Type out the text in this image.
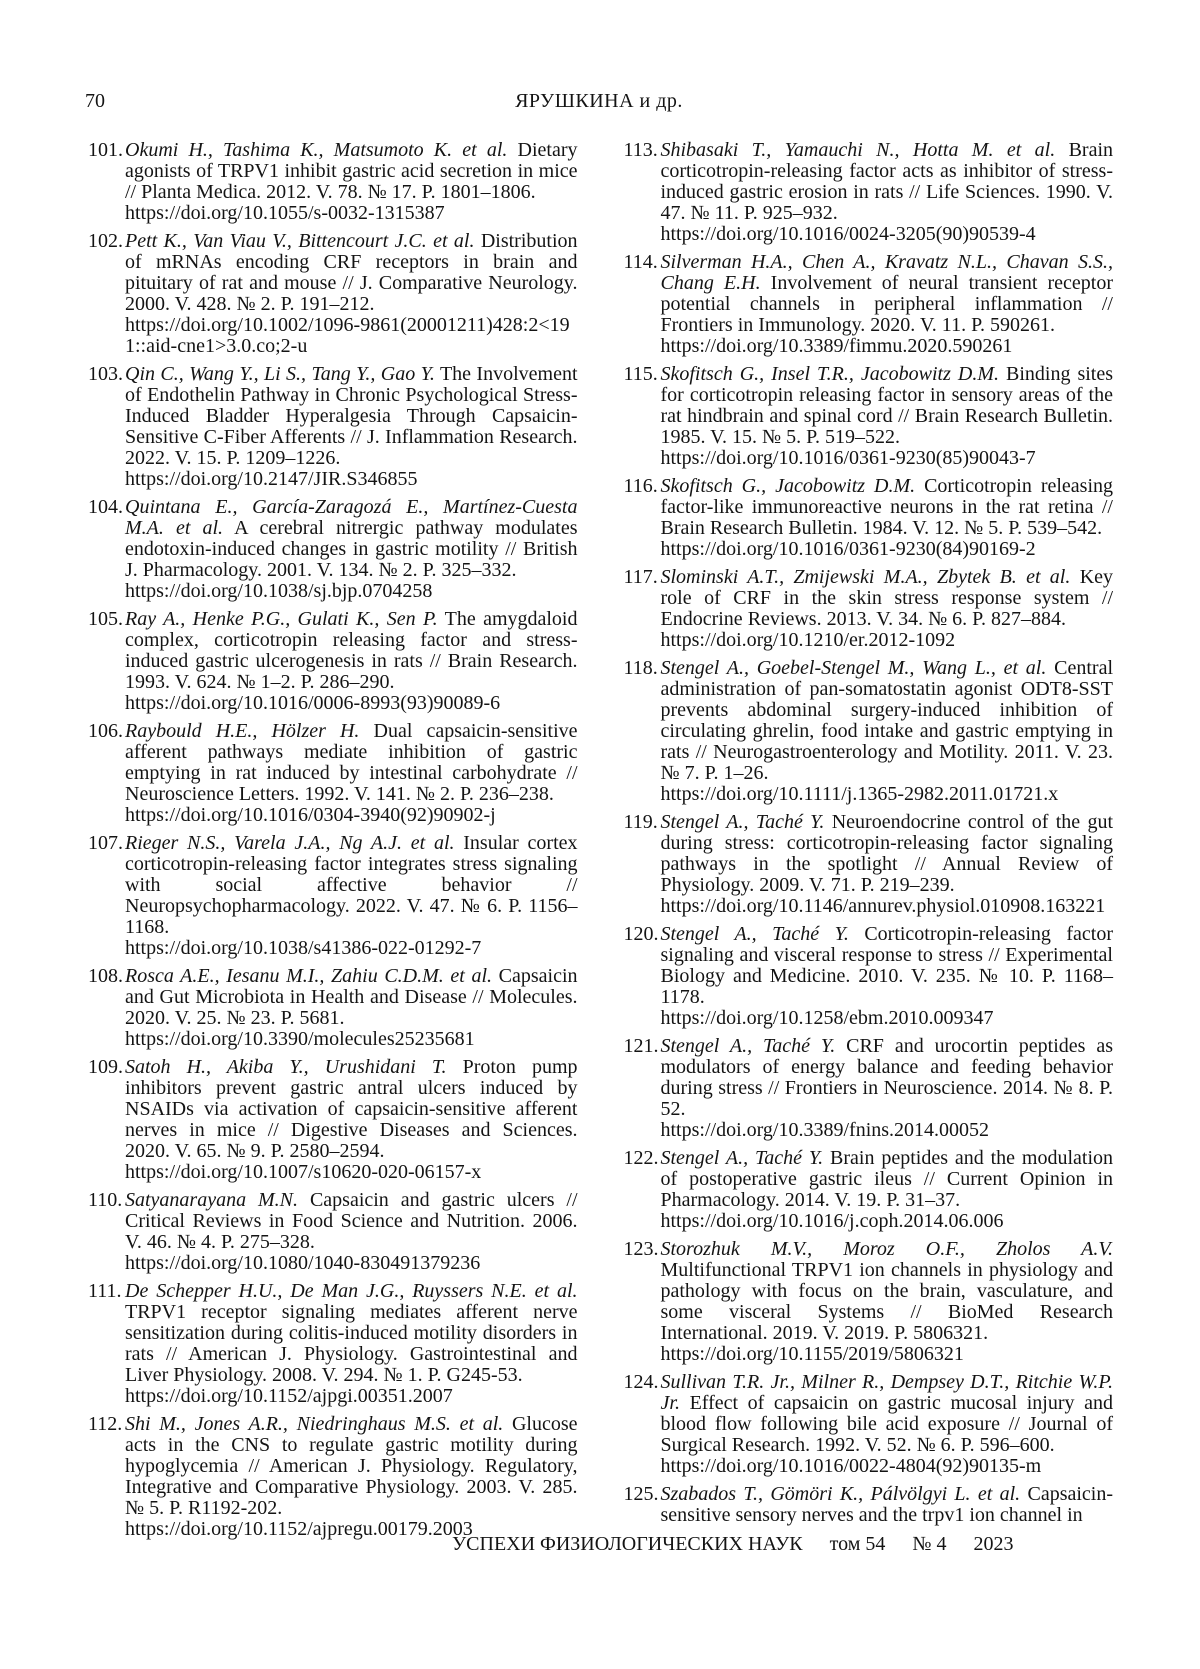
70	ЯРУШКИНА и др.
101. Okumi H., Tashima K., Matsumoto K. et al. Dietary agonists of TRPV1 inhibit gastric acid secretion in mice // Planta Medica. 2012. V. 78. № 17. P. 1801–1806.
https://doi.org/10.1055/s-0032-1315387
102. Pett K., Van Viau V., Bittencourt J.C. et al. Distribution of mRNAs encoding CRF receptors in brain and pituitary of rat and mouse // J. Comparative Neurology. 2000. V. 428. № 2. P. 191–212.
https://doi.org/10.1002/1096-9861(20001211)428:2<191::aid-cne1>3.0.co;2-u
103. Qin C., Wang Y., Li S., Tang Y., Gao Y. The Involvement of Endothelin Pathway in Chronic Psychological Stress-Induced Bladder Hyperalgesia Through Capsaicin-Sensitive C-Fiber Afferents // J. Inflammation Research. 2022. V. 15. P. 1209–1226.
https://doi.org/10.2147/JIR.S346855
104. Quintana E., García-Zaragozá E., Martínez-Cuesta M.A. et al. A cerebral nitrergic pathway modulates endotoxin-induced changes in gastric motility // British J. Pharmacology. 2001. V. 134. № 2. P. 325–332.
https://doi.org/10.1038/sj.bjp.0704258
105. Ray A., Henke P.G., Gulati K., Sen P. The amygdaloid complex, corticotropin releasing factor and stress-induced gastric ulcerogenesis in rats // Brain Research. 1993. V. 624. № 1–2. P. 286–290.
https://doi.org/10.1016/0006-8993(93)90089-6
106. Raybould H.E., Hölzer H. Dual capsaicin-sensitive afferent pathways mediate inhibition of gastric emptying in rat induced by intestinal carbohydrate // Neuroscience Letters. 1992. V. 141. № 2. P. 236–238.
https://doi.org/10.1016/0304-3940(92)90902-j
107. Rieger N.S., Varela J.A., Ng A.J. et al. Insular cortex corticotropin-releasing factor integrates stress signaling with social affective behavior // Neuropsychopharmacology. 2022. V. 47. № 6. P. 1156–1168.
https://doi.org/10.1038/s41386-022-01292-7
108. Rosca A.E., Iesanu M.I., Zahiu C.D.M. et al. Capsaicin and Gut Microbiota in Health and Disease // Molecules. 2020. V. 25. № 23. P. 5681.
https://doi.org/10.3390/molecules25235681
109. Satoh H., Akiba Y., Urushidani T. Proton pump inhibitors prevent gastric antral ulcers induced by NSAIDs via activation of capsaicin-sensitive afferent nerves in mice // Digestive Diseases and Sciences. 2020. V. 65. № 9. P. 2580–2594.
https://doi.org/10.1007/s10620-020-06157-x
110. Satyanarayana M.N. Capsaicin and gastric ulcers // Critical Reviews in Food Science and Nutrition. 2006. V. 46. № 4. P. 275–328.
https://doi.org/10.1080/1040-830491379236
111. De Schepper H.U., De Man J.G., Ruyssers N.E. et al. TRPV1 receptor signaling mediates afferent nerve sensitization during colitis-induced motility disorders in rats // American J. Physiology. Gastrointestinal and Liver Physiology. 2008. V. 294. № 1. P. G245-53.
https://doi.org/10.1152/ajpgi.00351.2007
112. Shi M., Jones A.R., Niedringhaus M.S. et al. Glucose acts in the CNS to regulate gastric motility during hypoglycemia // American J. Physiology. Regulatory, Integrative and Comparative Physiology. 2003. V. 285. № 5. P. R1192-202.
https://doi.org/10.1152/ajpregu.00179.2003
113. Shibasaki T., Yamauchi N., Hotta M. et al. Brain corticotropin-releasing factor acts as inhibitor of stress-induced gastric erosion in rats // Life Sciences. 1990. V. 47. № 11. P. 925–932.
https://doi.org/10.1016/0024-3205(90)90539-4
114. Silverman H.A., Chen A., Kravatz N.L., Chavan S.S., Chang E.H. Involvement of neural transient receptor potential channels in peripheral inflammation // Frontiers in Immunology. 2020. V. 11. P. 590261.
https://doi.org/10.3389/fimmu.2020.590261
115. Skofitsch G., Insel T.R., Jacobowitz D.M. Binding sites for corticotropin releasing factor in sensory areas of the rat hindbrain and spinal cord // Brain Research Bulletin. 1985. V. 15. № 5. P. 519–522.
https://doi.org/10.1016/0361-9230(85)90043-7
116. Skofitsch G., Jacobowitz D.M. Corticotropin releasing factor-like immunoreactive neurons in the rat retina // Brain Research Bulletin. 1984. V. 12. № 5. P. 539–542.
https://doi.org/10.1016/0361-9230(84)90169-2
117. Slominski A.T., Zmijewski M.A., Zbytek B. et al. Key role of CRF in the skin stress response system // Endocrine Reviews. 2013. V. 34. № 6. P. 827–884.
https://doi.org/10.1210/er.2012-1092
118. Stengel A., Goebel-Stengel M., Wang L., et al. Central administration of pan-somatostatin agonist ODT8-SST prevents abdominal surgery-induced inhibition of circulating ghrelin, food intake and gastric emptying in rats // Neurogastroenterology and Motility. 2011. V. 23. № 7. P. 1–26.
https://doi.org/10.1111/j.1365-2982.2011.01721.x
119. Stengel A., Taché Y. Neuroendocrine control of the gut during stress: corticotropin-releasing factor signaling pathways in the spotlight // Annual Review of Physiology. 2009. V. 71. P. 219–239.
https://doi.org/10.1146/annurev.physiol.010908.163221
120. Stengel A., Taché Y. Corticotropin-releasing factor signaling and visceral response to stress // Experimental Biology and Medicine. 2010. V. 235. № 10. P. 1168–1178.
https://doi.org/10.1258/ebm.2010.009347
121. Stengel A., Taché Y. CRF and urocortin peptides as modulators of energy balance and feeding behavior during stress // Frontiers in Neuroscience. 2014. № 8. P. 52.
https://doi.org/10.3389/fnins.2014.00052
122. Stengel A., Taché Y. Brain peptides and the modulation of postoperative gastric ileus // Current Opinion in Pharmacology. 2014. V. 19. P. 31–37.
https://doi.org/10.1016/j.coph.2014.06.006
123. Storozhuk M.V., Moroz O.F., Zholos A.V. Multifunctional TRPV1 ion channels in physiology and pathology with focus on the brain, vasculature, and some visceral Systems // BioMed Research International. 2019. V. 2019. P. 5806321.
https://doi.org/10.1155/2019/5806321
124. Sullivan T.R. Jr., Milner R., Dempsey D.T., Ritchie W.P. Jr. Effect of capsaicin on gastric mucosal injury and blood flow following bile acid exposure // Journal of Surgical Research. 1992. V. 52. № 6. P. 596–600.
https://doi.org/10.1016/0022-4804(92)90135-m
125. Szabados T., Gömöri K., Pálvölgyi L. et al. Capsaicin-sensitive sensory nerves and the trpv1 ion channel in
УСПЕХИ ФИЗИОЛОГИЧЕСКИХ НАУК том 54 № 4 2023
